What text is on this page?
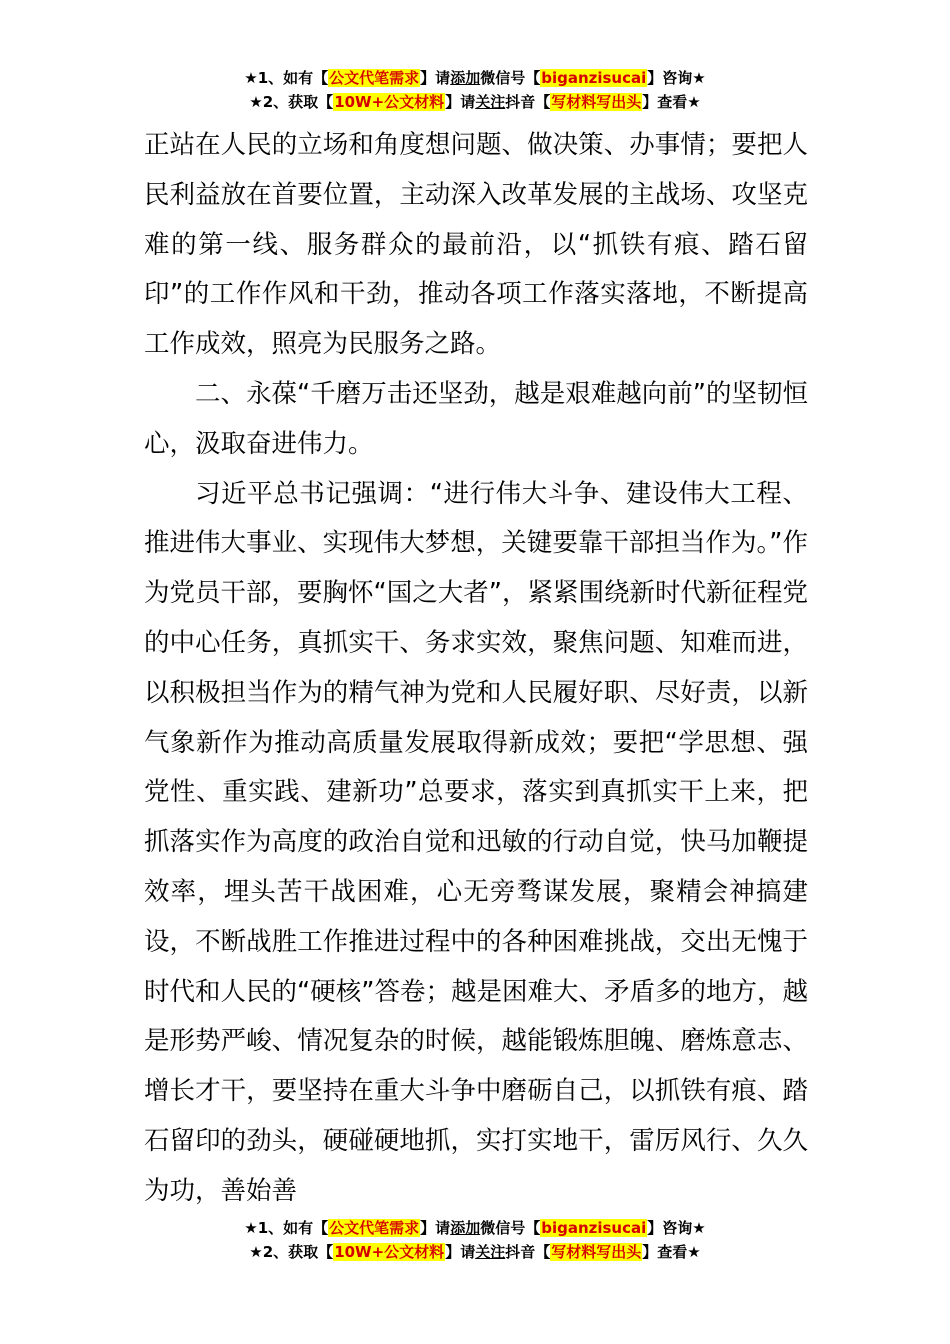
★1、如有【公文代笔需求】请添加微信号【biganzisucai】咨询★
★2、获取【10W+公文材料】请关注抖音【写材料写出头】查看★

正站在人民的立场和角度想问题、做决策、办事情；要把人民利益放在首要位置，主动深入改革发展的主战场、攻坚克难的第一线、服务群众的最前沿，以“抓铁有痕、踏石留印”的工作作风和干劲，推动各项工作落实落地，不断提高工作成效，照亮为民服务之路。

二、永葆“千磨万击还坚劲，越是艰难越向前”的坚韧恒心，汲取奋进伟力。

习近平总书记强调：“进行伟大斗争、建设伟大工程、推进伟大事业、实现伟大梦想，关键要靠干部担当作为。”作为党员干部，要胸怀“国之大者”，紧紧围绕新时代新征程党的中心任务，真抓实干、务求实效，聚焦问题、知难而进，以积极担当作为的精气神为党和人民履好职、尽好责，以新气象新作为推动高质量发展取得新成效；要把“学思想、强党性、重实践、建新功”总要求，落实到真抓实干上来，把抓落实作为高度的政治自觉和迅敏的行动自觉，快马加鞭提效率，埋头苦干战困难，心无旁骛谋发展，聚精会神搞建设，不断战胜工作推进过程中的各种困难挑战，交出无愧于时代和人民的“硬核”答卷；越是困难大、矛盾多的地方，越是形势严峻、情况复杂的时候，越能锻炼胆魄、磨炼意志、增长才干，要坚持在重大斗争中磨砺自己，以抓铁有痕、踏石留印的劲头，硬碰硬地抓，实打实地干，雷厉风行、久久为功，善始善

★1、如有【公文代笔需求】请添加微信号【biganzisucai】咨询★
★2、获取【10W+公文材料】请关注抖音【写材料写出头】查看★
